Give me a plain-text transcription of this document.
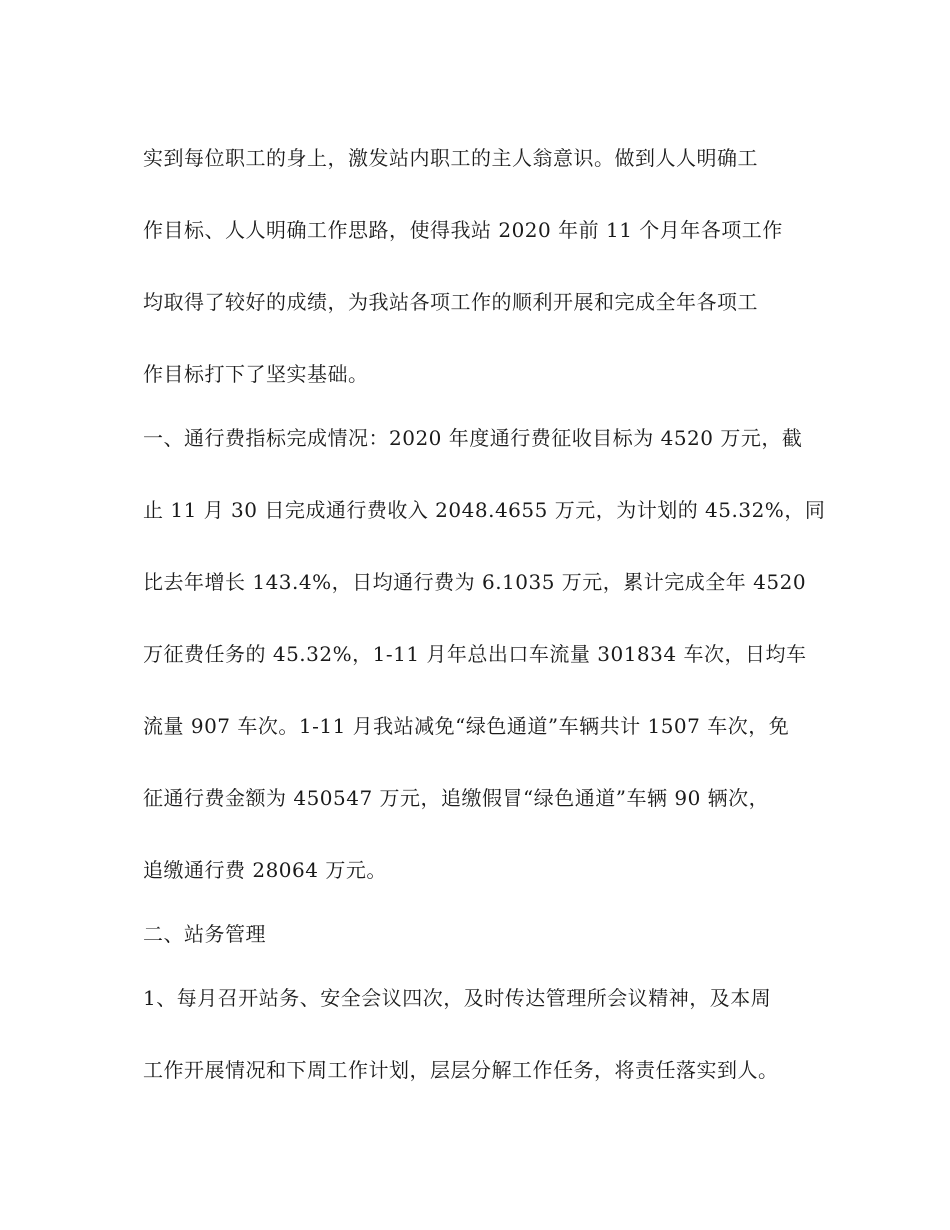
实到每位职工的身上，激发站内职工的主人翁意识。做到人人明确工
作目标、人人明确工作思路，使得我站 2020 年前 11 个月年各项工作
均取得了较好的成绩，为我站各项工作的顺利开展和完成全年各项工
作目标打下了坚实基础。
一、通行费指标完成情况：2020 年度通行费征收目标为 4520 万元，截
止 11 月 30 日完成通行费收入 2048.4655 万元，为计划的 45.32%，同
比去年增长 143.4%，日均通行费为 6.1035 万元，累计完成全年 4520
万征费任务的 45.32%，1-11 月年总出口车流量 301834 车次，日均车
流量 907 车次。1-11 月我站减免“绿色通道”车辆共计 1507 车次，免
征通行费金额为 450547 万元，追缴假冒“绿色通道”车辆 90 辆次，
追缴通行费 28064 万元。
二、站务管理
1、每月召开站务、安全会议四次，及时传达管理所会议精神，及本周
工作开展情况和下周工作计划，层层分解工作任务，将责任落实到人。
